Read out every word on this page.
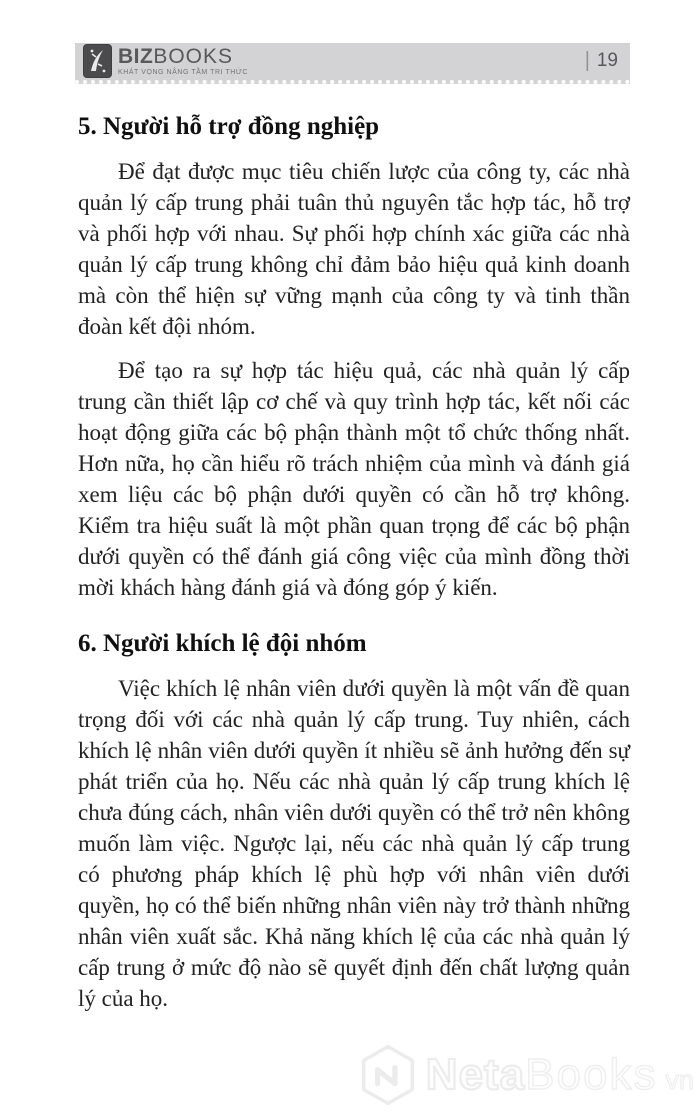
BIZBOOKS
KHÁT VỌNG NÂNG TẦM TRI THỨC
| 19
5. Người hỗ trợ đồng nghiệp

Để đạt được mục tiêu chiến lược của công ty, các nhà quản lý cấp trung phải tuân thủ nguyên tắc hợp tác, hỗ trợ và phối hợp với nhau. Sự phối hợp chính xác giữa các nhà quản lý cấp trung không chỉ đảm bảo hiệu quả kinh doanh mà còn thể hiện sự vững mạnh của công ty và tinh thần đoàn kết đội nhóm.

Để tạo ra sự hợp tác hiệu quả, các nhà quản lý cấp trung cần thiết lập cơ chế và quy trình hợp tác, kết nối các hoạt động giữa các bộ phận thành một tổ chức thống nhất. Hơn nữa, họ cần hiểu rõ trách nhiệm của mình và đánh giá xem liệu các bộ phận dưới quyền có cần hỗ trợ không. Kiểm tra hiệu suất là một phần quan trọng để các bộ phận dưới quyền có thể đánh giá công việc của mình đồng thời mời khách hàng đánh giá và đóng góp ý kiến.

6. Người khích lệ đội nhóm

Việc khích lệ nhân viên dưới quyền là một vấn đề quan trọng đối với các nhà quản lý cấp trung. Tuy nhiên, cách khích lệ nhân viên dưới quyền ít nhiều sẽ ảnh hưởng đến sự phát triển của họ. Nếu các nhà quản lý cấp trung khích lệ chưa đúng cách, nhân viên dưới quyền có thể trở nên không muốn làm việc. Ngược lại, nếu các nhà quản lý cấp trung có phương pháp khích lệ phù hợp với nhân viên dưới quyền, họ có thể biến những nhân viên này trở thành những nhân viên xuất sắc. Khả năng khích lệ của các nhà quản lý cấp trung ở mức độ nào sẽ quyết định đến chất lượng quản lý của họ.

Neta Books vn
